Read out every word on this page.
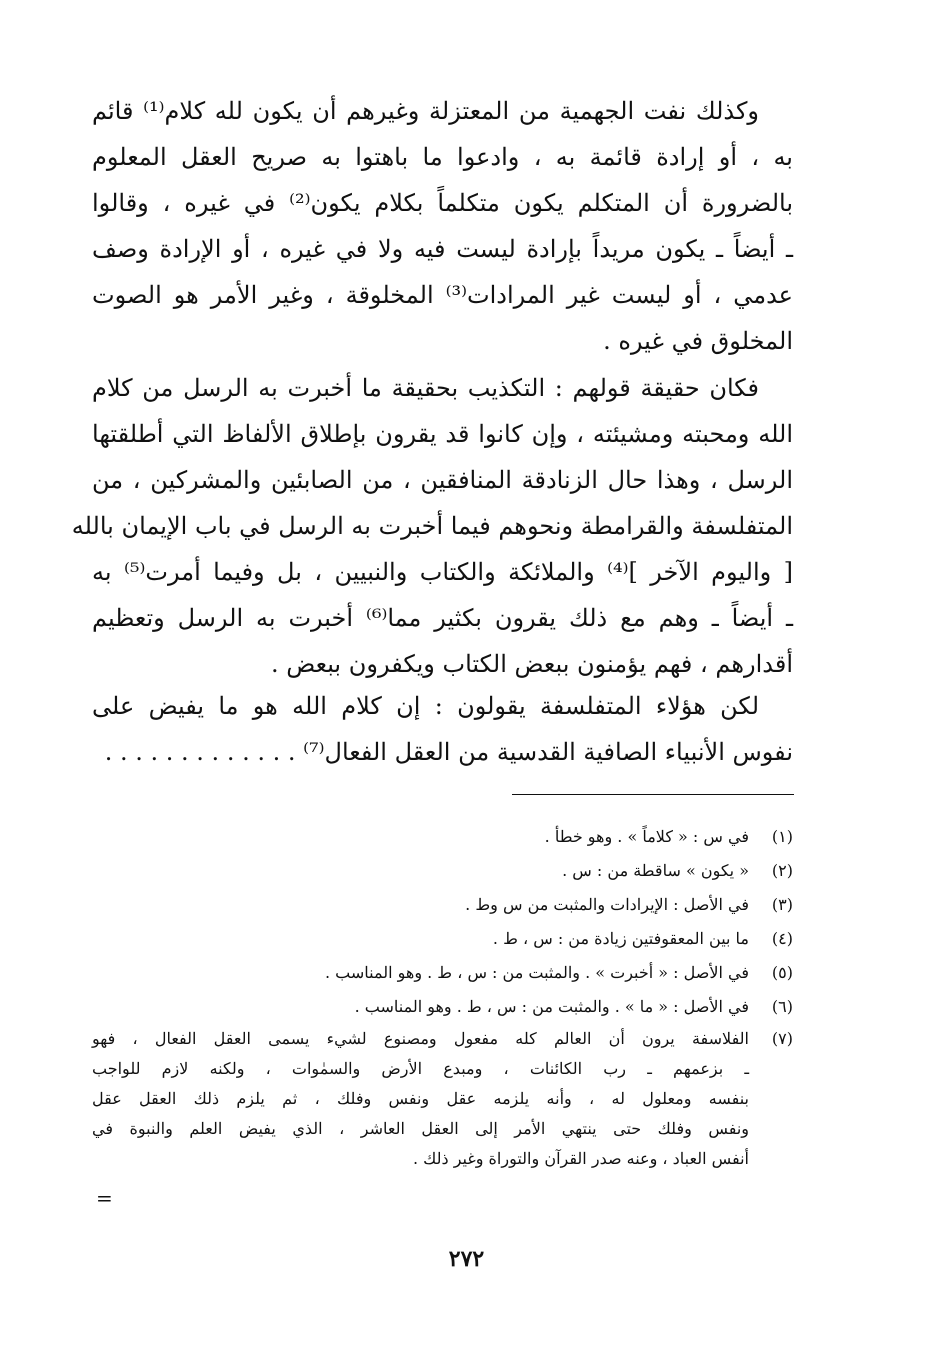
وكذلك نفت الجهمية من المعتزلة وغيرهم أن يكون لله كلام⁽¹⁾ قائم
به ، أو إرادة قائمة به ، وادعوا ما باهتوا به صريح العقل المعلوم
بالضرورة أن المتكلم يكون متكلماً بكلام يكون⁽²⁾ في غيره ، وقالوا
ـ أيضاً ـ يكون مريداً بإرادة ليست فيه ولا في غيره ، أو الإرادة وصف
عدمي ، أو ليست غير المرادات⁽³⁾ المخلوقة ، وغير الأمر هو الصوت
المخلوق في غيره .
فكان حقيقة قولهم : التكذيب بحقيقة ما أخبرت به الرسل من كلام
الله ومحبته ومشيئته ، وإن كانوا قد يقرون بإطلاق الألفاظ التي أطلقتها
الرسل ، وهذا حال الزنادقة المنافقين ، من الصابئين والمشركين ، من
المتفلسفة والقرامطة ونحوهم فيما أخبرت به الرسل في باب الإيمان بالله
[ واليوم الآخر ]⁽⁴⁾ والملائكة والكتاب والنبيين ، بل وفيما أمرت⁽⁵⁾ به
ـ أيضاً ـ وهم مع ذلك يقرون بكثير مما⁽⁶⁾ أخبرت به الرسل وتعظيم
أقدارهم ، فهم يؤمنون ببعض الكتاب ويكفرون ببعض .
لكن هؤلاء المتفلسفة يقولون : إن كلام الله هو ما يفيض على
نفوس الأنبياء الصافية القدسية من العقل الفعال⁽⁷⁾ . . . . . . . . . . . . .
(١)
في س : « كلاماً » . وهو خطأ .
(٢)
« يكون » ساقطة من : س .
(٣)
في الأصل : الإيرادات والمثبت من س وط .
(٤)
ما بين المعقوفتين زيادة من : س ، ط .
(٥)
في الأصل : « أخبرت » . والمثبت من : س ، ط . وهو المناسب .
(٦)
في الأصل : « ما » . والمثبت من : س ، ط . وهو المناسب .
(٧)
الفلاسفة يرون أن العالم كله مفعول ومصنوع لشيء يسمى العقل الفعال ، فهو
ـ بزعمهم ـ رب الكائنات ، ومبدع الأرض والسمٰوات ، ولكنه لازم للواجب
بنفسه ومعلول له ، وأنه يلزمه عقل ونفس وفلك ، ثم يلزم ذلك العقل عقل
ونفس وفلك حتى ينتهي الأمر إلى العقل العاشر ، الذي يفيض العلم والنبوة في
أنفس العباد ، وعنه صدر القرآن والتوراة وغير ذلك .
=
٢٧٢
